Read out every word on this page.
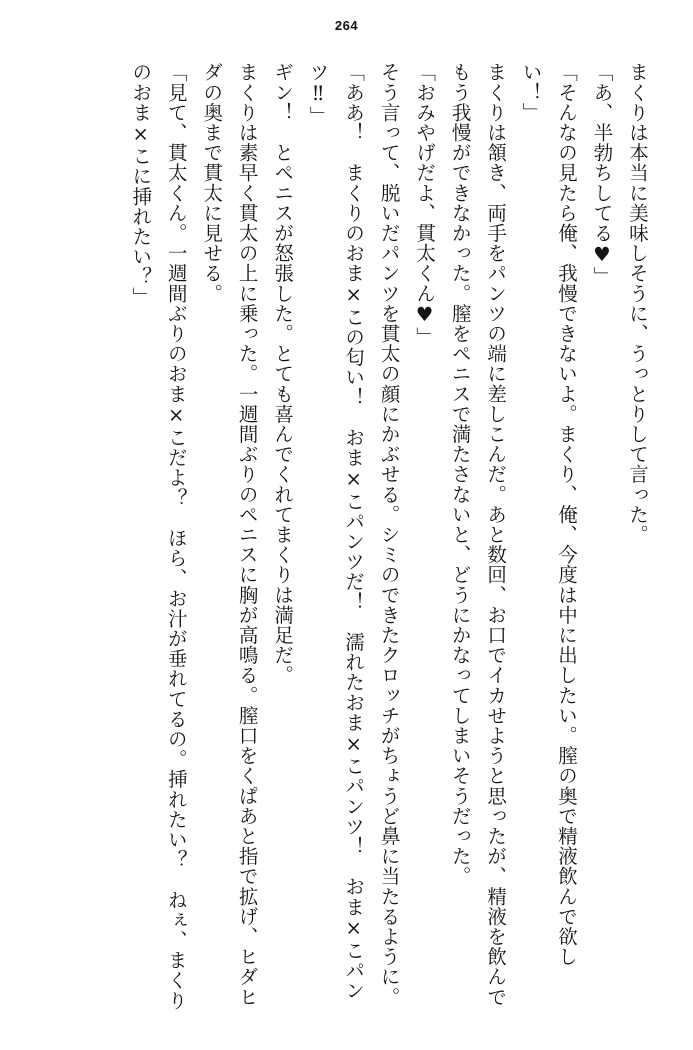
264

まくりは本当に美味しそうに、うっとりして言った。

「あ、半勃ちしてる♥」

「そんなの見たら俺、我慢できないよ。まくり、俺、今度は中に出したい。膣の奥で精液飲んで欲しい！」

まくりは頷き、両手をパンツの端に差しこんだ。あと数回、お口でイカせようと思ったが、精液を飲んでもう我慢ができなかった。膣をペニスで満たさないと、どうにかなってしまいそうだった。

「おみやげだよ、貫太くん♥」

そう言って、脱いだパンツを貫太の顔にかぶせる。シミのできたクロッチがちょうど鼻に当たるように。

「ああ！　まくりのおま×この匂い！　おま×こパンツだ！　濡れたおま×こパンツ！　おま×こパンツ‼」

ギン！　とペニスが怒張した。とても喜んでくれてまくりは満足だ。

まくりは素早く貫太の上に乗った。一週間ぶりのペニスに胸が高鳴る。膣口をくぱあと指で拡げ、ヒダヒダの奥まで貫太に見せる。

「見て、貫太くん。一週間ぶりのおま×こだよ？　ほら、お汁が垂れてるの。挿れたい？　ねぇ、まくりのおま×こに挿れたい？」
